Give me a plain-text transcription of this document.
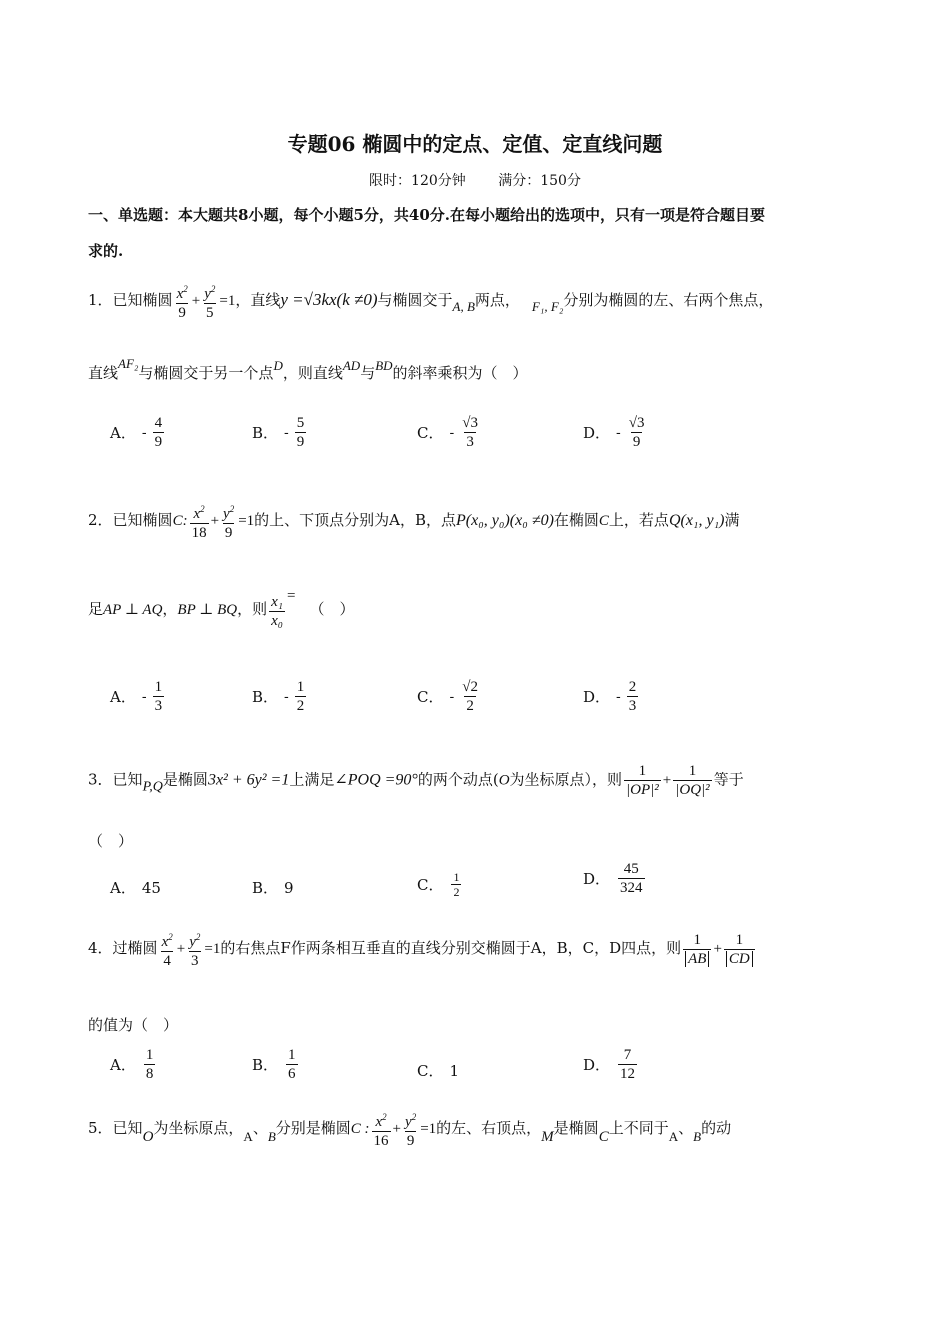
专题06 椭圆中的定点、定值、定直线问题
限时：120分钟 满分：150分
一、单选题：本大题共8小题，每个小题5分，共40分.在每小题给出的选项中，只有一项是符合题目要
求的.
1．已知椭圆 $\frac{x^2}{9} + \frac{y^2}{5} =1$，直线y =√3kx(k ≠0)与椭圆交于A, B两点， F₁, F₂分别为椭圆的左、右两个焦点，
直线AF₂与椭圆交于另一个点D，则直线AD与BD的斜率乘积为（　）
A． - $\frac{4}{9}$	B． - $\frac{5}{9}$	C． - $\frac{√3}{3}$	D． - $\frac{√3}{9}$
2．已知椭圆C: $\frac{x^2}{18} + \frac{y^2}{9} =1$的上、下顶点分别为A，B，点P(x₀, y₀)(x₀ ≠0)在椭圆C上，若点Q(x₁, y₁)满
足AP ⊥ AQ，BP ⊥ BQ，则 $\frac{\text{x₁}}{\text{x₀}}$ =（　）
A． - $\frac{1}{3}$	B． - $\frac{1}{2}$	C． - $\frac{√2}{2}$	D． - $\frac{2}{3}$
3．已知P,Q是椭圆3x² + 6y² =1上满足∠POQ =90°的两个动点(O为坐标原点），则 $\frac{1}{\text{|OP|²}} + \frac{1}{\text{|OQ|²}}$ 等于
（　）
A． 45	B． 9	C． $\frac{1}{2}$	D． $\frac{45}{324}$
4．过椭圆 $\frac{x^2}{4} + \frac{y^2}{3} =1$的右焦点F作两条相互垂直的直线分别交椭圆于A，B，C，D四点，则 $\frac{1}{AB} + \frac{1}{CD}$
的值为（　）
A． $\frac{1}{8}$	B． $\frac{1}{6}$	C． 1	D． $\frac{7}{12}$
5．已知O为坐标原点，A、B分别是椭圆C : $\frac{x^2}{16} + \frac{y^2}{9} =1$的左、右顶点，M是椭圆C上不同于A、B的动
